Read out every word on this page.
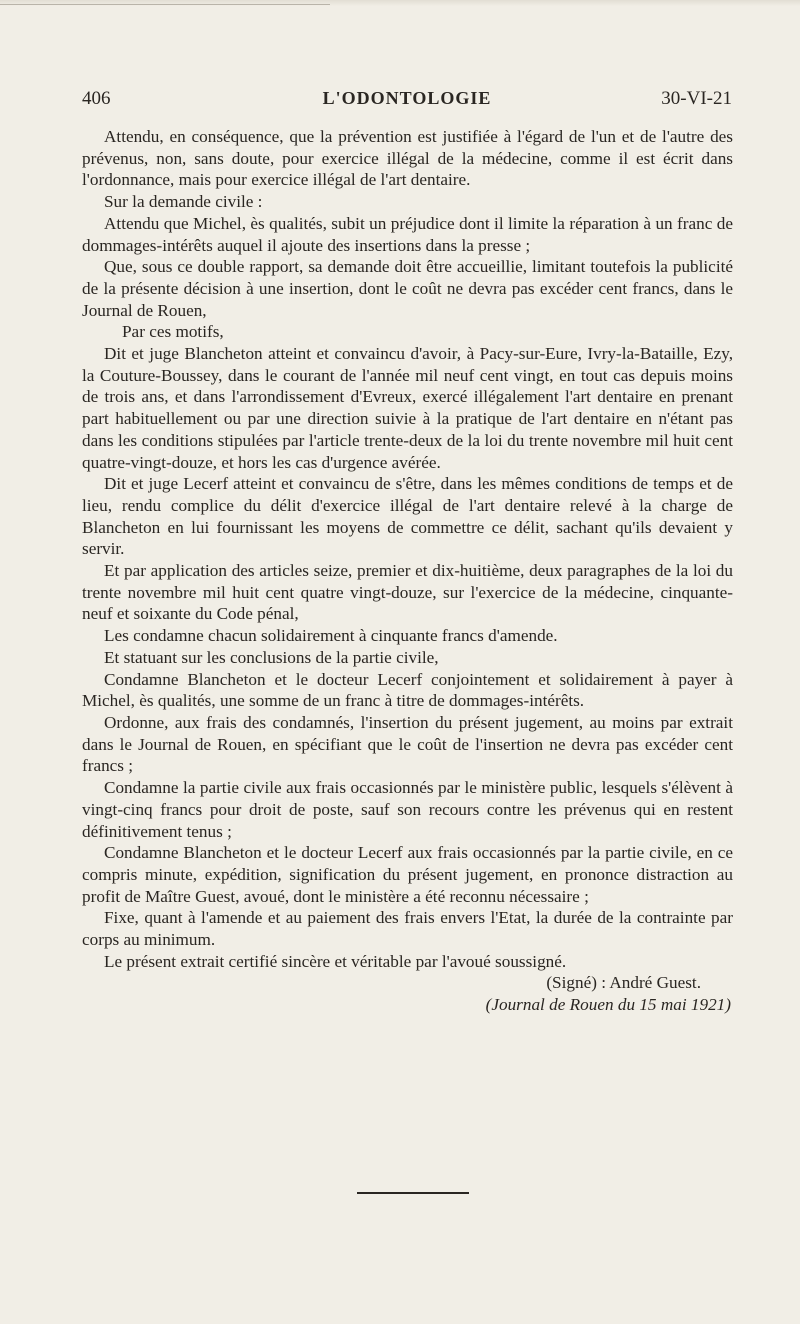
406	L'ODONTOLOGIE	30-VI-21

Attendu, en conséquence, que la prévention est justifiée à l'égard de l'un et de l'autre des prévenus, non, sans doute, pour exercice illégal de la médecine, comme il est écrit dans l'ordonnance, mais pour exercice illégal de l'art dentaire.

Sur la demande civile :

Attendu que Michel, ès qualités, subit un préjudice dont il limite la réparation à un franc de dommages-intérêts auquel il ajoute des insertions dans la presse ;

Que, sous ce double rapport, sa demande doit être accueillie, limitant toutefois la publicité de la présente décision à une insertion, dont le coût ne devra pas excéder cent francs, dans le Journal de Rouen,

Par ces motifs,

Dit et juge Blancheton atteint et convaincu d'avoir, à Pacy-sur-Eure, Ivry-la-Bataille, Ezy, la Couture-Boussey, dans le courant de l'année mil neuf cent vingt, en tout cas depuis moins de trois ans, et dans l'arrondissement d'Evreux, exercé illégalement l'art dentaire en prenant part habituellement ou par une direction suivie à la pratique de l'art dentaire en n'étant pas dans les conditions stipulées par l'article trente-deux de la loi du trente novembre mil huit cent quatre-vingt-douze, et hors les cas d'urgence avérée.

Dit et juge Lecerf atteint et convaincu de s'être, dans les mêmes conditions de temps et de lieu, rendu complice du délit d'exercice illégal de l'art dentaire relevé à la charge de Blancheton en lui fournissant les moyens de commettre ce délit, sachant qu'ils devaient y servir.

Et par application des articles seize, premier et dix-huitième, deux paragraphes de la loi du trente novembre mil huit cent quatre vingt-douze, sur l'exercice de la médecine, cinquante-neuf et soixante du Code pénal,

Les condamne chacun solidairement à cinquante francs d'amende.

Et statuant sur les conclusions de la partie civile,

Condamne Blancheton et le docteur Lecerf conjointement et solidairement à payer à Michel, ès qualités, une somme de un franc à titre de dommages-intérêts.

Ordonne, aux frais des condamnés, l'insertion du présent jugement, au moins par extrait dans le Journal de Rouen, en spécifiant que le coût de l'insertion ne devra pas excéder cent francs ;

Condamne la partie civile aux frais occasionnés par le ministère public, lesquels s'élèvent à vingt-cinq francs pour droit de poste, sauf son recours contre les prévenus qui en restent définitivement tenus ;

Condamne Blancheton et le docteur Lecerf aux frais occasionnés par la partie civile, en ce compris minute, expédition, signification du présent jugement, en prononce distraction au profit de Maître Guest, avoué, dont le ministère a été reconnu nécessaire ;

Fixe, quant à l'amende et au paiement des frais envers l'Etat, la durée de la contrainte par corps au minimum.

Le présent extrait certifié sincère et véritable par l'avoué soussigné.

(Signé) : André Guest.

(Journal de Rouen du 15 mai 1921)
